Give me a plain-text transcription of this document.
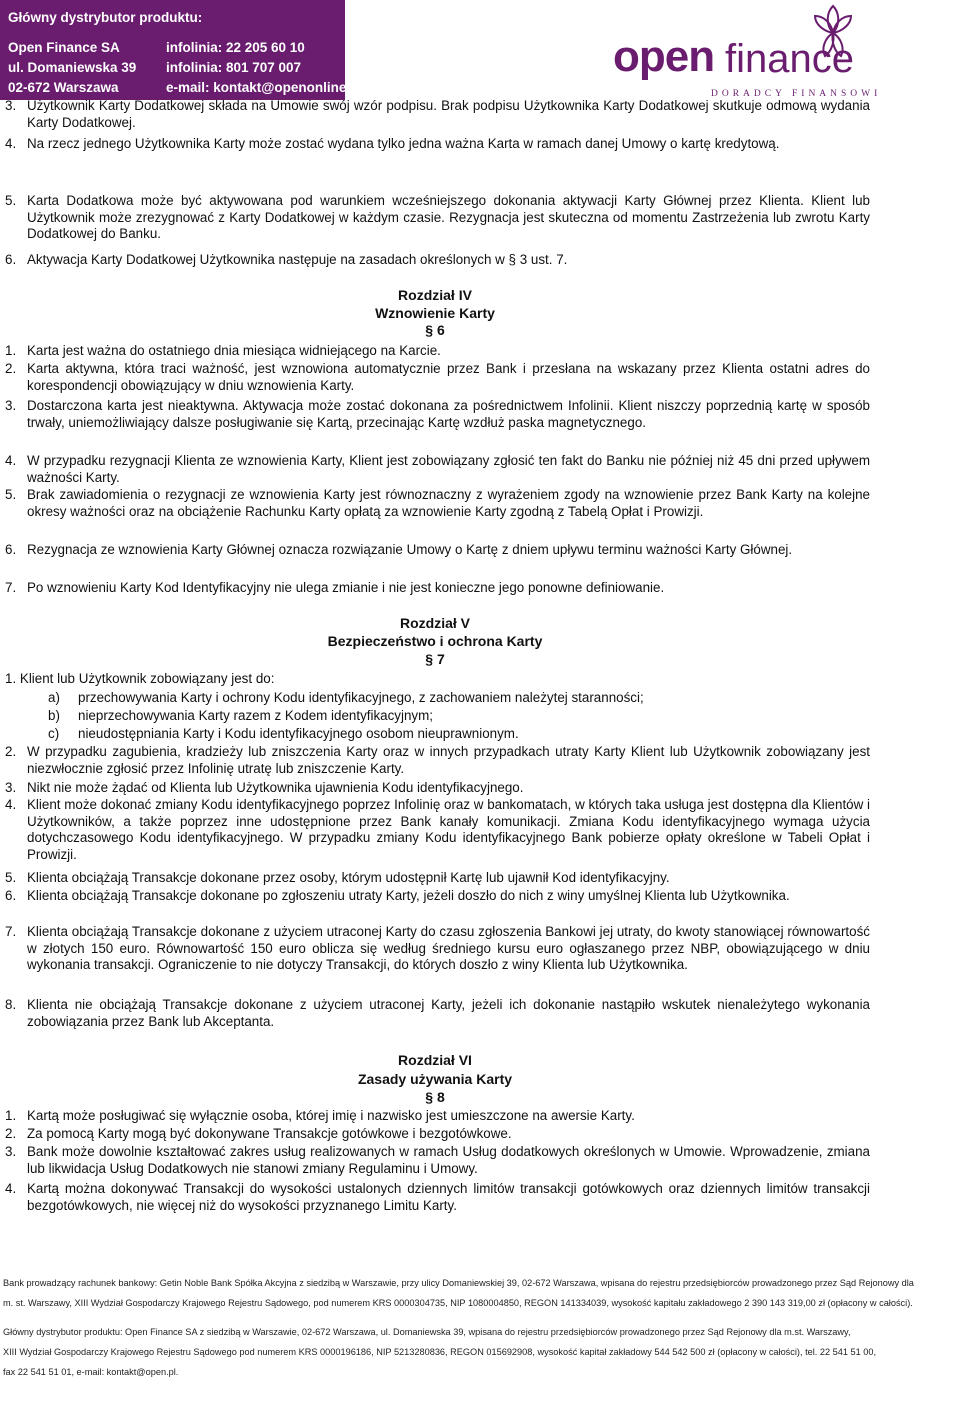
Główny dystrybutor produktu:
Open Finance SA
ul. Domaniewska 39
02-672 Warszawa
infolinia: 22 205 60 10
infolinia: 801 707 007
e-mail: kontakt@openonline.pl
open finance
DORADCY FINANSOWI
3. Użytkownik Karty Dodatkowej składa na Umowie swój wzór podpisu. Brak podpisu Użytkownika Karty Dodatkowej skutkuje odmową wydania Karty Dodatkowej.
4. Na rzecz jednego Użytkownika Karty może zostać wydana tylko jedna ważna Karta w ramach danej Umowy o kartę kredytową.
5. Karta Dodatkowa może być aktywowana pod warunkiem wcześniejszego dokonania aktywacji Karty Głównej przez Klienta. Klient lub Użytkownik może zrezygnować z Karty Dodatkowej w każdym czasie. Rezygnacja jest skuteczna od momentu Zastrzeżenia lub zwrotu Karty Dodatkowej do Banku.
6. Aktywacja Karty Dodatkowej Użytkownika następuje na zasadach określonych w § 3 ust. 7.
Rozdział IV
Wznowienie Karty
§ 6
1. Karta jest ważna do ostatniego dnia miesiąca widniejącego na Karcie.
2. Karta aktywna, która traci ważność, jest wznowiona automatycznie przez Bank i przesłana na wskazany przez Klienta ostatni adres do korespondencji obowiązujący w dniu wznowienia Karty.
3. Dostarczona karta jest nieaktywna. Aktywacja może zostać dokonana za pośrednictwem Infolinii. Klient niszczy poprzednią kartę w sposób trwały, uniemożliwiający dalsze posługiwanie się Kartą, przecinając Kartę wzdłuż paska magnetycznego.
4. W przypadku rezygnacji Klienta ze wznowienia Karty, Klient jest zobowiązany zgłosić ten fakt do Banku nie później niż 45 dni przed upływem ważności Karty.
5. Brak zawiadomienia o rezygnacji ze wznowienia Karty jest równoznaczny z wyrażeniem zgody na wznowienie przez Bank Karty na kolejne okresy ważności oraz na obciążenie Rachunku Karty opłatą za wznowienie Karty zgodną z Tabelą Opłat i Prowizji.
6. Rezygnacja ze wznowienia Karty Głównej oznacza rozwiązanie Umowy o Kartę z dniem upływu terminu ważności Karty Głównej.
7. Po wznowieniu Karty Kod Identyfikacyjny nie ulega zmianie i nie jest konieczne jego ponowne definiowanie.
Rozdział V
Bezpieczeństwo i ochrona Karty
§ 7
1. Klient lub Użytkownik zobowiązany jest do:
a) przechowywania Karty i ochrony Kodu identyfikacyjnego, z zachowaniem należytej staranności;
b) nieprzechowywania Karty razem z Kodem identyfikacyjnym;
c) nieudostępniania Karty i Kodu identyfikacyjnego osobom nieuprawnionym.
2. W przypadku zagubienia, kradzieży lub zniszczenia Karty oraz w innych przypadkach utraty Karty Klient lub Użytkownik zobowiązany jest niezwłocznie zgłosić przez Infolinię utratę lub zniszczenie Karty.
3. Nikt nie może żądać od Klienta lub Użytkownika ujawnienia Kodu identyfikacyjnego.
4. Klient może dokonać zmiany Kodu identyfikacyjnego poprzez Infolinię oraz w bankomatach, w których taka usługa jest dostępna dla Klientów i Użytkowników, a także poprzez inne udostępnione przez Bank kanały komunikacji. Zmiana Kodu identyfikacyjnego wymaga użycia dotychczasowego Kodu identyfikacyjnego. W przypadku zmiany Kodu identyfikacyjnego Bank pobierze opłaty określone w Tabeli Opłat i Prowizji.
5. Klienta obciążają Transakcje dokonane przez osoby, którym udostępnił Kartę lub ujawnił Kod identyfikacyjny.
6. Klienta obciążają Transakcje dokonane po zgłoszeniu utraty Karty, jeżeli doszło do nich z winy umyślnej Klienta lub Użytkownika.
7. Klienta obciążają Transakcje dokonane z użyciem utraconej Karty do czasu zgłoszenia Bankowi jej utraty, do kwoty stanowiącej równowartość w złotych 150 euro. Równowartość 150 euro oblicza się według średniego kursu euro ogłaszanego przez NBP, obowiązującego w dniu wykonania transakcji. Ograniczenie to nie dotyczy Transakcji, do których doszło z winy Klienta lub Użytkownika.
8. Klienta nie obciążają Transakcje dokonane z użyciem utraconej Karty, jeżeli ich dokonanie nastąpiło wskutek nienależytego wykonania zobowiązania przez Bank lub Akceptanta.
Rozdział VI
Zasady używania Karty
§ 8
1. Kartą może posługiwać się wyłącznie osoba, której imię i nazwisko jest umieszczone na awersie Karty.
2. Za pomocą Karty mogą być dokonywane Transakcje gotówkowe i bezgotówkowe.
3. Bank może dowolnie kształtować zakres usług realizowanych w ramach Usług dodatkowych określonych w Umowie. Wprowadzenie, zmiana lub likwidacja Usług Dodatkowych nie stanowi zmiany Regulaminu i Umowy.
4. Kartą można dokonywać Transakcji do wysokości ustalonych dziennych limitów transakcji gotówkowych oraz dziennych limitów transakcji bezgotówkowych, nie więcej niż do wysokości przyznanego Limitu Karty.
Bank prowadzący rachunek bankowy: Getin Noble Bank Spółka Akcyjna z siedzibą w Warszawie, przy ulicy Domaniewskiej 39, 02-672 Warszawa, wpisana do rejestru przedsiębiorców prowadzonego przez Sąd Rejonowy dla
m. st. Warszawy, XIII Wydział Gospodarczy Krajowego Rejestru Sądowego, pod numerem KRS 0000304735, NIP 1080004850, REGON 141334039, wysokość kapitału zakładowego 2 390 143 319,00 zł (opłacony w całości).
Główny dystrybutor produktu: Open Finance SA z siedzibą w Warszawie, 02-672 Warszawa, ul. Domaniewska 39, wpisana do rejestru przedsiębiorców prowadzonego przez Sąd Rejonowy dla m.st. Warszawy,
XIII Wydział Gospodarczy Krajowego Rejestru Sądowego pod numerem KRS 0000196186, NIP 5213280836, REGON 015692908, wysokość kapitał zakładowy 544 542 500 zł (opłacony w całości), tel. 22 541 51 00,
fax 22 541 51 01, e-mail: kontakt@open.pl.
